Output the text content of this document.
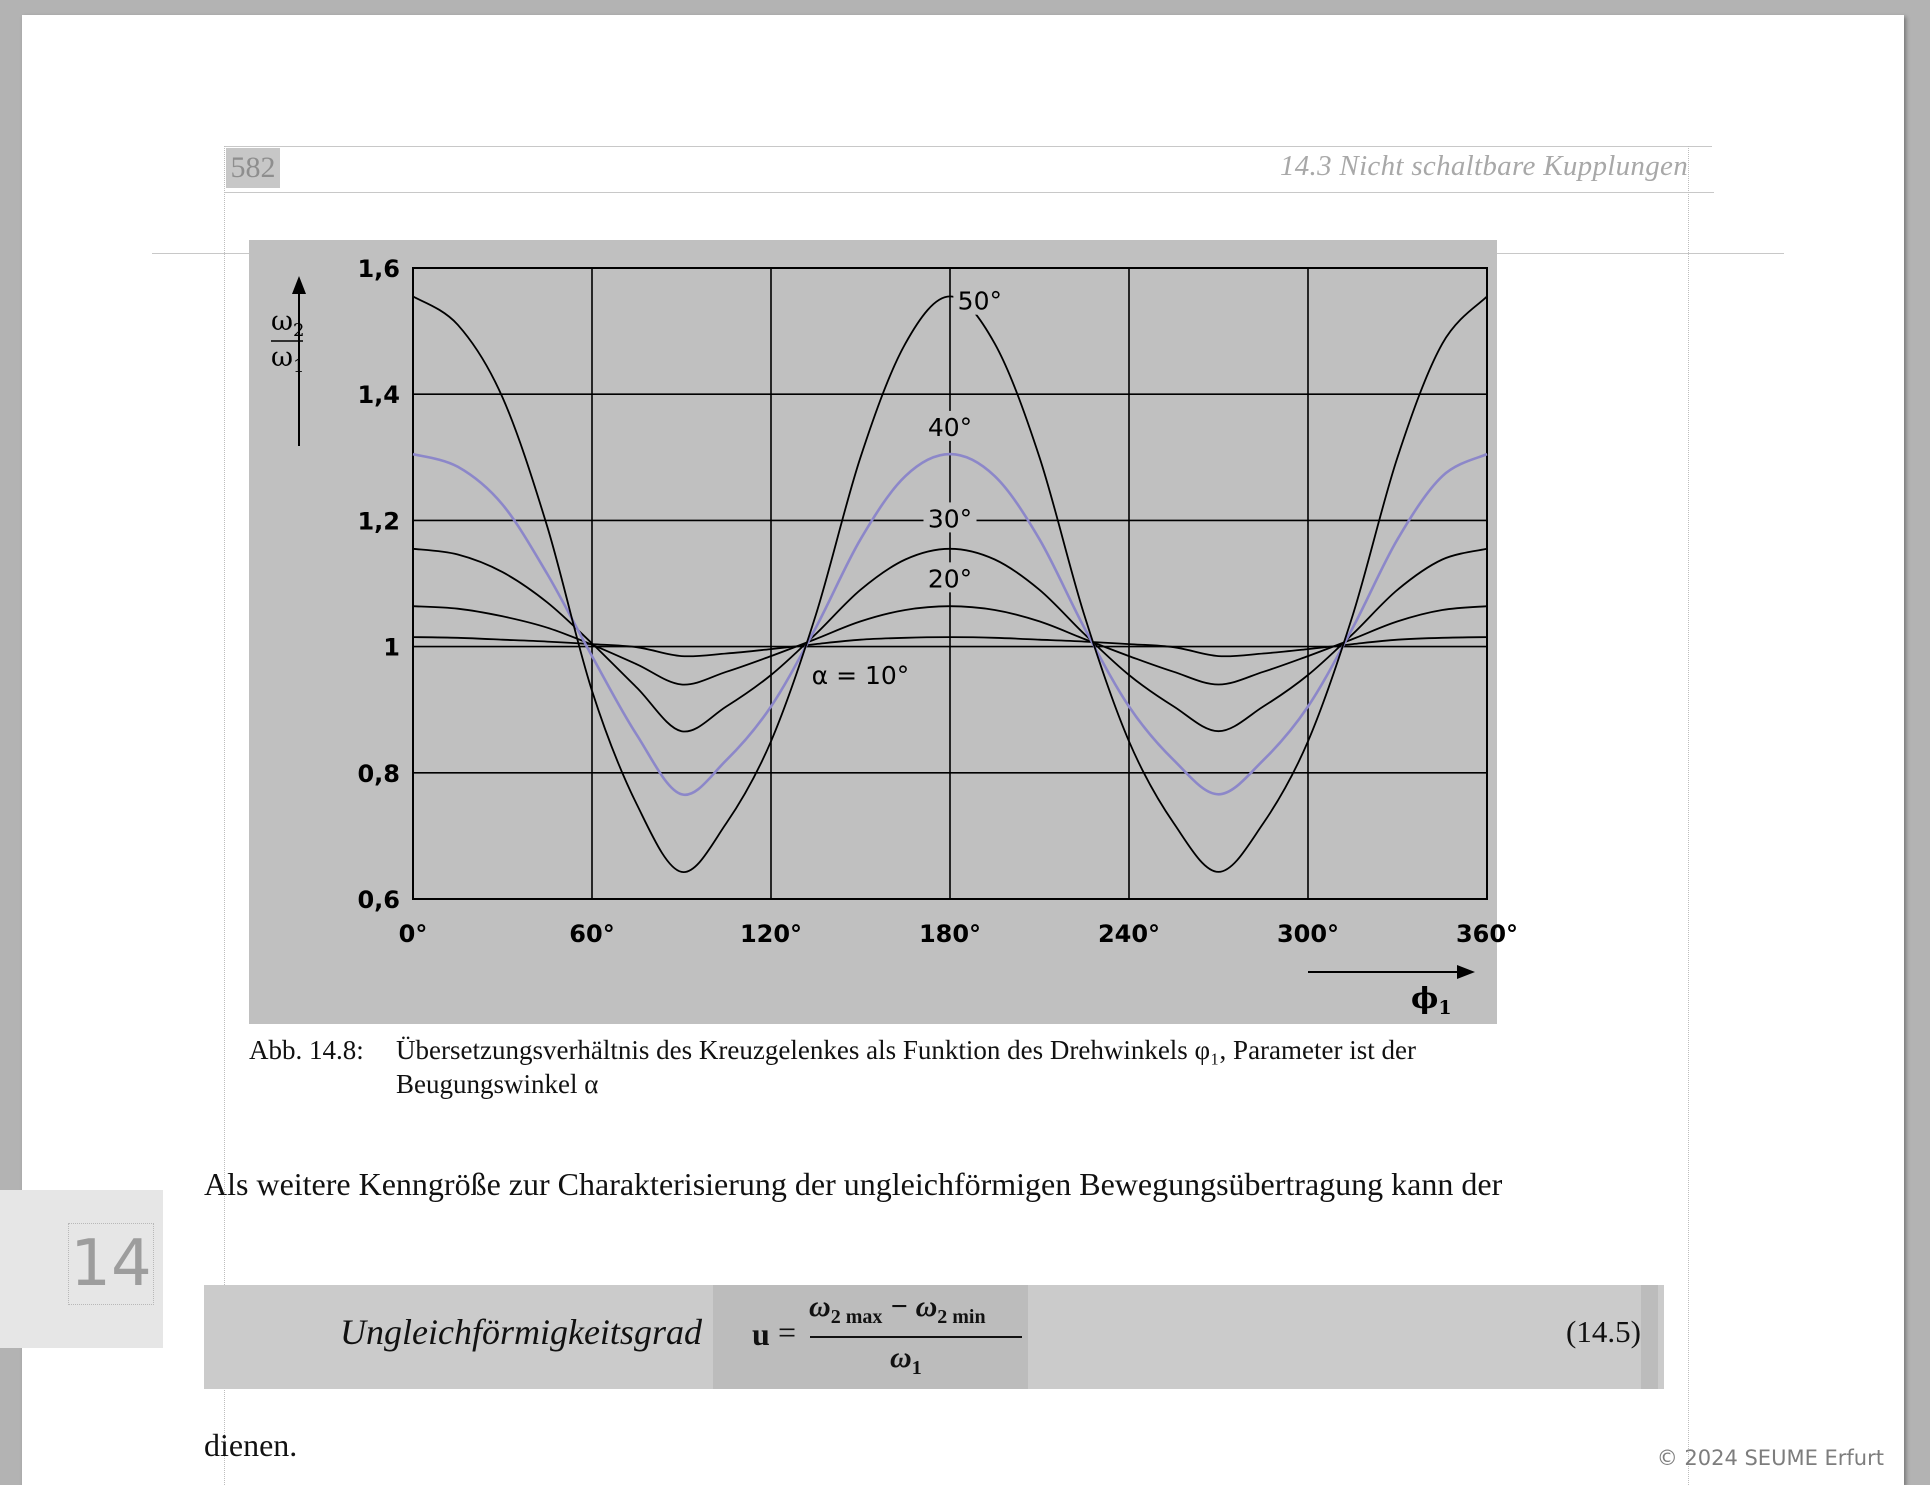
582	14.3 Nicht schaltbare Kupplungen
0°	60°	120°	180°	240°	300°	360°
0,6
0,8
1
1,2
1,4
1,6
50°
40°
30°
20°
α = 10°
$\omega_2$
$\omega_1$
$\phi_1$
Abb. 14.8: Übersetzungsverhältnis des Kreuzgelenkes als Funktion des Drehwinkels φ₁, Parameter ist der Beugungswinkel α
Als weitere Kenngröße zur Charakterisierung der ungleichförmigen Bewegungsübertragung kann der
14
Ungleichförmigkeitsgrad u =
$\omega_{2 max} - \omega_{2 min}$
$\omega_1$
(14.5)
dienen.	© 2024 SEUME Erfurt
